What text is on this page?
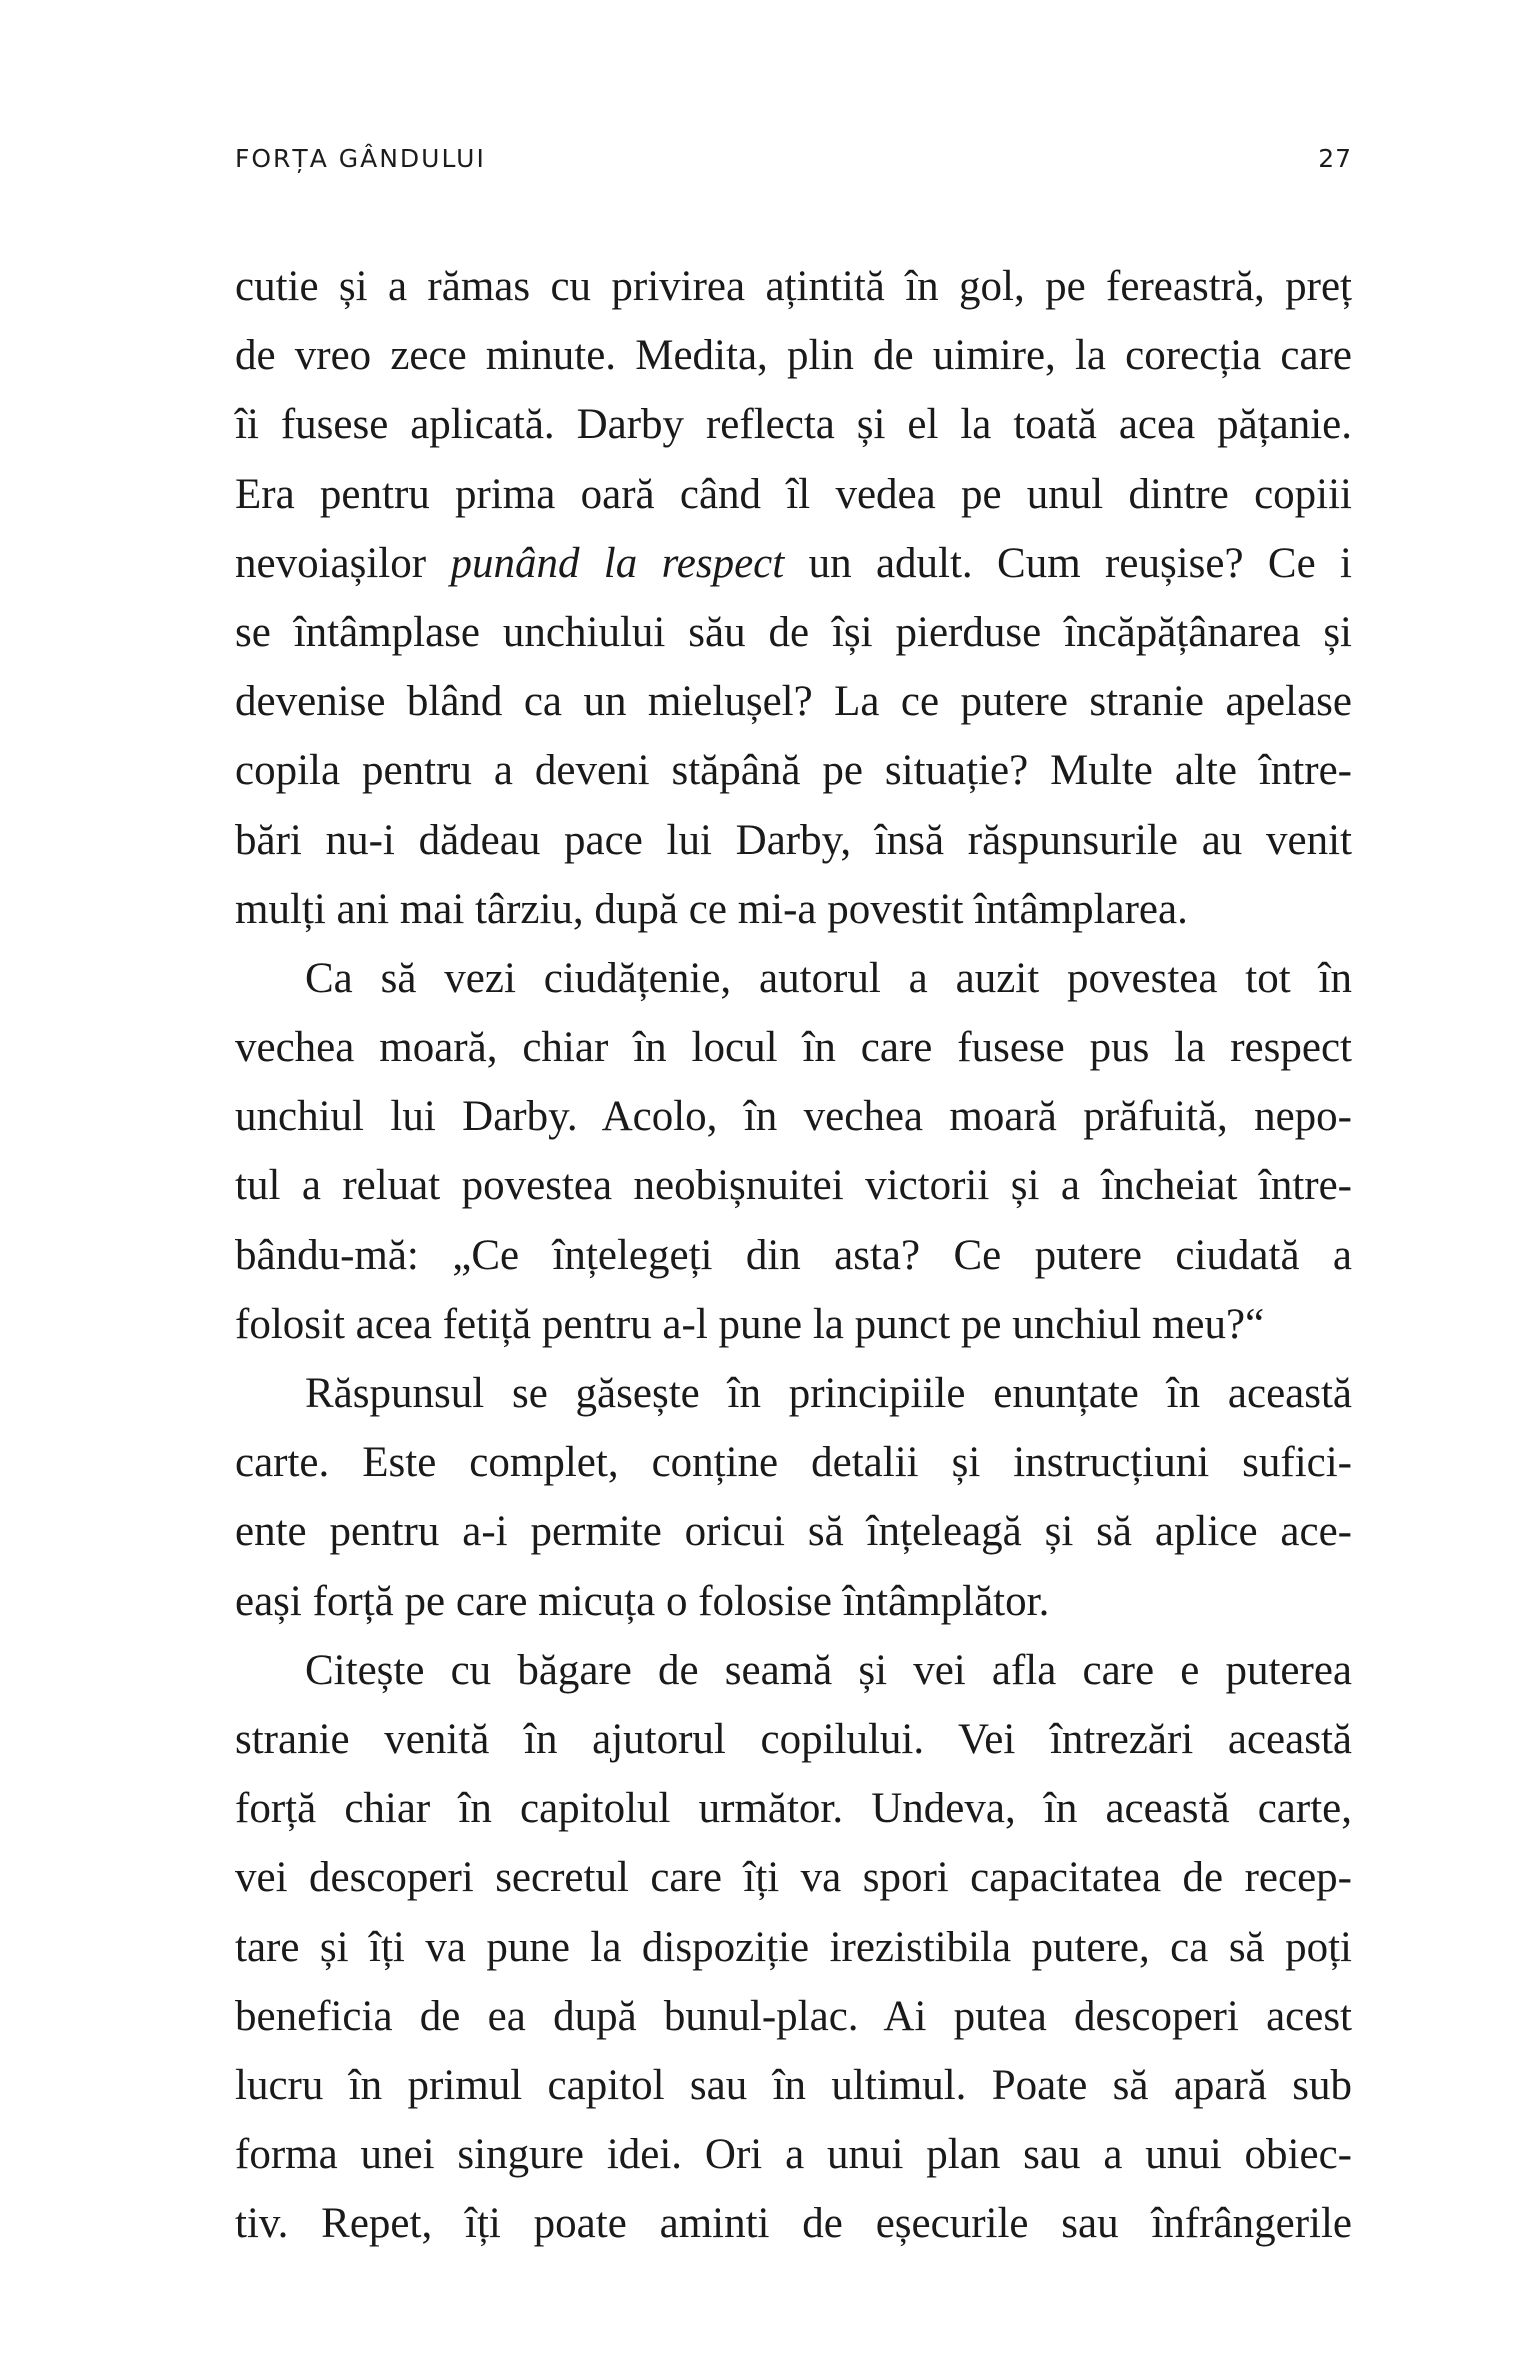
FORȚA GÂNDULUI	27
cutie și a rămas cu privirea ațintită în gol, pe fereastră, preț
de vreo zece minute. Medita, plin de uimire, la corecția care
îi fusese aplicată. Darby reflecta și el la toată acea pățanie.
Era pentru prima oară când îl vedea pe unul dintre copiii
nevoiașilor punând la respect un adult. Cum reușise? Ce i
se întâmplase unchiului său de își pierduse încăpățânarea și
devenise blând ca un mielușel? La ce putere stranie apelase
copila pentru a deveni stăpână pe situație? Multe alte între-
bări nu-i dădeau pace lui Darby, însă răspunsurile au venit
mulți ani mai târziu, după ce mi-a povestit întâmplarea.
Ca să vezi ciudățenie, autorul a auzit povestea tot în
vechea moară, chiar în locul în care fusese pus la respect
unchiul lui Darby. Acolo, în vechea moară prăfuită, nepo-
tul a reluat povestea neobișnuitei victorii și a încheiat între-
bându-mă: „Ce înțelegeți din asta? Ce putere ciudată a
folosit acea fetiță pentru a-l pune la punct pe unchiul meu?“
Răspunsul se găsește în principiile enunțate în această
carte. Este complet, conține detalii și instrucțiuni sufici-
ente pentru a-i permite oricui să înțeleagă și să aplice ace-
eași forță pe care micuța o folosise întâmplător.
Citește cu băgare de seamă și vei afla care e puterea
stranie venită în ajutorul copilului. Vei întrezări această
forță chiar în capitolul următor. Undeva, în această carte,
vei descoperi secretul care îți va spori capacitatea de recep-
tare și îți va pune la dispoziție irezistibila putere, ca să poți
beneficia de ea după bunul-plac. Ai putea descoperi acest
lucru în primul capitol sau în ultimul. Poate să apară sub
forma unei singure idei. Ori a unui plan sau a unui obiec-
tiv. Repet, îți poate aminti de eșecurile sau înfrângerile
